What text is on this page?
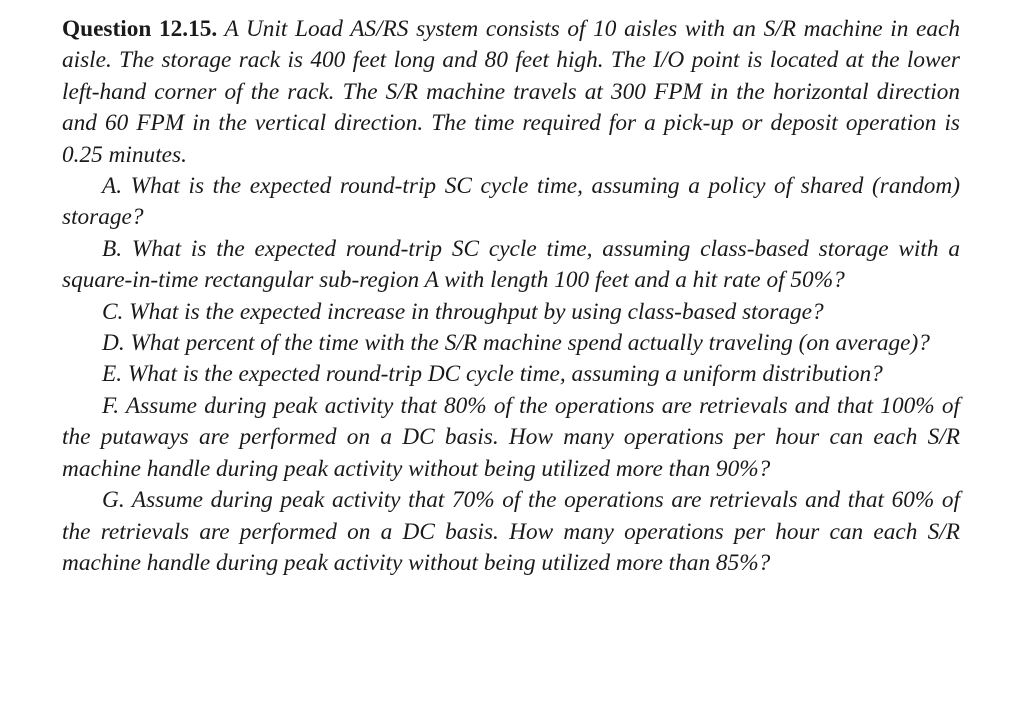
Question 12.15. A Unit Load AS/RS system consists of 10 aisles with an S/R machine in each aisle. The storage rack is 400 feet long and 80 feet high. The I/O point is located at the lower left-hand corner of the rack. The S/R machine travels at 300 FPM in the horizontal direction and 60 FPM in the vertical direction. The time required for a pick-up or deposit operation is 0.25 minutes.

A. What is the expected round-trip SC cycle time, assuming a policy of shared (random) storage?

B. What is the expected round-trip SC cycle time, assuming class-based storage with a square-in-time rectangular sub-region A with length 100 feet and a hit rate of 50%?

C. What is the expected increase in throughput by using class-based storage?

D. What percent of the time with the S/R machine spend actually traveling (on average)?

E. What is the expected round-trip DC cycle time, assuming a uniform distribution?

F. Assume during peak activity that 80% of the operations are retrievals and that 100% of the putaways are performed on a DC basis. How many operations per hour can each S/R machine handle during peak activity without being utilized more than 90%?

G. Assume during peak activity that 70% of the operations are retrievals and that 60% of the retrievals are performed on a DC basis. How many operations per hour can each S/R machine handle during peak activity without being utilized more than 85%?
